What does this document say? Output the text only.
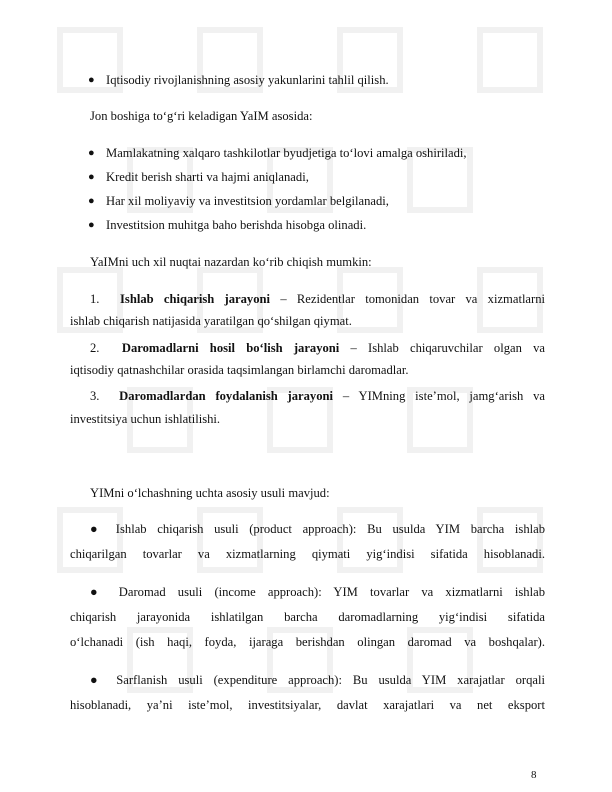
● Iqtisodiy rivojlanishning asosiy yakunlarini tahlil qilish.
Jon boshiga to‘g‘ri keladigan YaIM asosida:
● Mamlakatning xalqaro tashkilotlar byudjetiga to‘lovi amalga oshiriladi,
● Kredit berish sharti va hajmi aniqlanadi,
● Har xil moliyaviy va investitsion yordamlar belgilanadi,
● Investitsion muhitga baho berishda hisobga olinadi.
YaIMni uch xil nuqtai nazardan ko‘rib chiqish mumkin:
1. Ishlab chiqarish jarayoni – Rezidentlar tomonidan tovar va xizmatlarni
ishlab chiqarish natijasida yaratilgan qo‘shilgan qiymat.
2. Daromadlarni hosil bo‘lish jarayoni – Ishlab chiqaruvchilar olgan va
iqtisodiy qatnashchilar orasida taqsimlangan birlamchi daromadlar.
3. Daromadlardan foydalanish jarayoni – YIMning iste’mol, jamg‘arish va
investitsiya uchun ishlatilishi.
YIMni o‘lchashning uchta asosiy usuli mavjud:
● Ishlab chiqarish usuli (product approach): Bu usulda YIM barcha ishlab
chiqarilgan tovarlar va xizmatlarning qiymati yig‘indisi sifatida hisoblanadi.
● Daromad usuli (income approach): YIM tovarlar va xizmatlarni ishlab
chiqarish jarayonida ishlatilgan barcha daromadlarning yig‘indisi sifatida
o‘lchanadi (ish haqi, foyda, ijaraga berishdan olingan daromad va boshqalar).
● Sarflanish usuli (expenditure approach): Bu usulda YIM xarajatlar orqali
hisoblanadi, ya’ni iste’mol, investitsiyalar, davlat xarajatlari va net eksport
8
